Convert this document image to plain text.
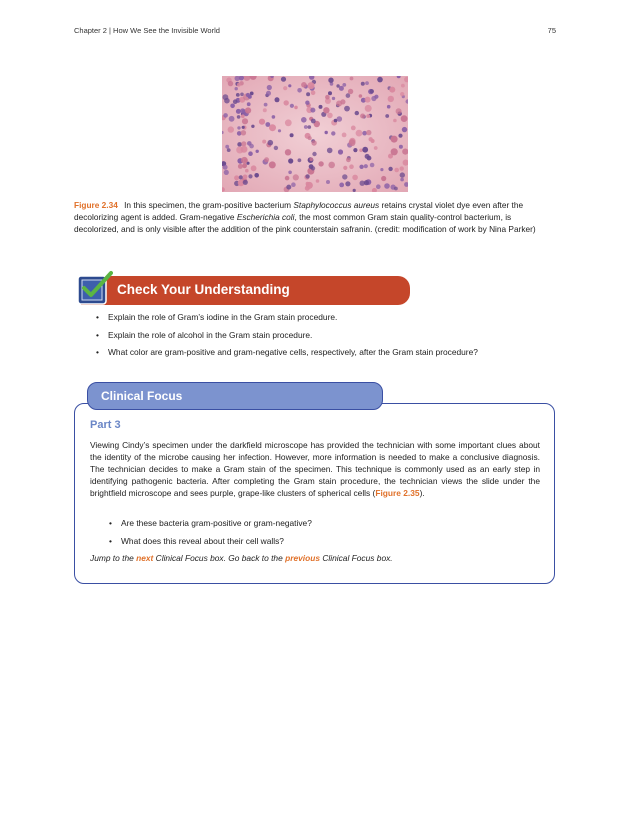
Chapter 2 | How We See the Invisible World	75
Figure 2.34 In this specimen, the gram-positive bacterium Staphylococcus aureus retains crystal violet dye even after the decolorizing agent is added. Gram-negative Escherichia coli, the most common Gram stain quality-control bacterium, is decolorized, and is only visible after the addition of the pink counterstain safranin. (credit: modification of work by Nina Parker)
Check Your Understanding
• Explain the role of Gram’s iodine in the Gram stain procedure.
• Explain the role of alcohol in the Gram stain procedure.
• What color are gram-positive and gram-negative cells, respectively, after the Gram stain procedure?
Clinical Focus
Part 3
Viewing Cindy’s specimen under the darkfield microscope has provided the technician with some important clues about the identity of the microbe causing her infection. However, more information is needed to make a conclusive diagnosis. The technician decides to make a Gram stain of the specimen. This technique is commonly used as an early step in identifying pathogenic bacteria. After completing the Gram stain procedure, the technician views the slide under the brightfield microscope and sees purple, grape-like clusters of spherical cells (Figure 2.35).
• Are these bacteria gram-positive or gram-negative?
• What does this reveal about their cell walls?
Jump to the next Clinical Focus box. Go back to the previous Clinical Focus box.
